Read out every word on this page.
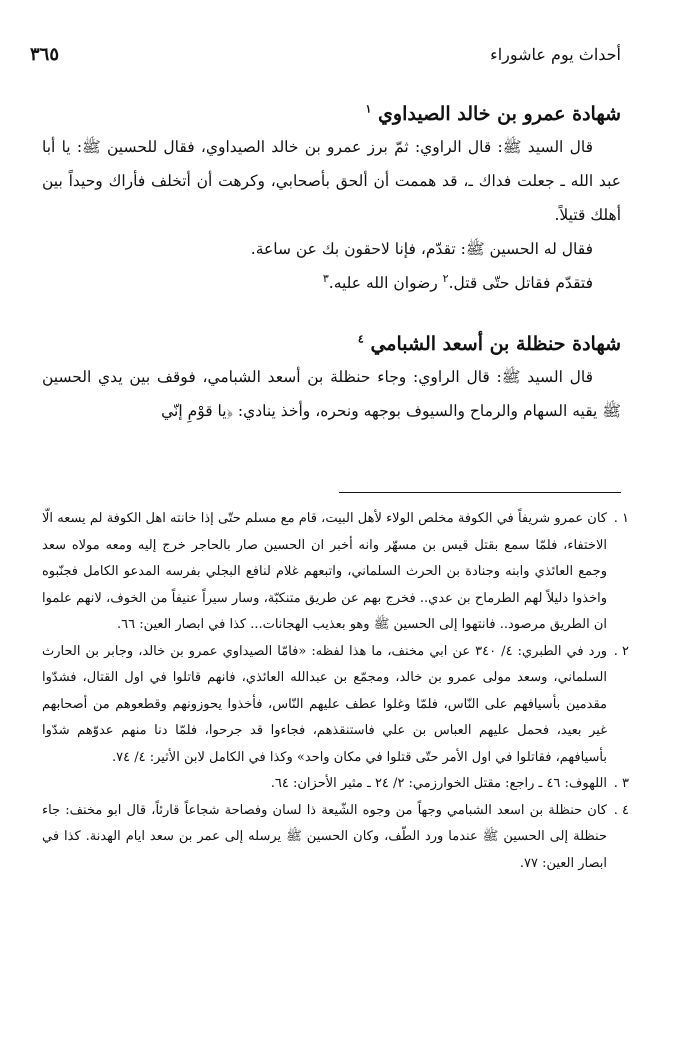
أحداث يوم عاشوراء
٣٦٥
شهادة عمرو بن خالد الصيداوي $^١$

قال السيد ﷺ: قال الراوي: ثمّ برز عمرو بن خالد الصيداوي، فقال للحسين ﷺ: يا أبا عبد الله ـ جعلت فداك ـ، قد هممت أن ألحق بأصحابي، وكرهت أن أتخلف فأراك وحيداً بين أهلك قتيلاً.

فقال له الحسين ﷺ: تقدّم، فإنا لاحقون بك عن ساعة.

فتقدّم فقاتل حتّى قتل.$^٢$ رضوان الله عليه.$^٣$

شهادة حنظلة بن أسعد الشبامي $^٤$

قال السيد ﷺ: قال الراوي: وجاء حنظلة بن أسعد الشبامي، فوقف بين يدي الحسين ﷺ يقيه السهام والرماح والسيوف بوجهه ونحره، وأخذ ينادي: ﴿يا قوْمِ إنّي

١ .

كان عمرو شريفاً في الكوفة مخلص الولاء لأهل البيت، قام مع مسلم حتّى إذا خانته اهل الكوفة لم يسعه الّا الاختفاء، فلمّا سمع بقتل قيس بن مسهّر وانه أخبر ان الحسين صار بالحاجر خرج إليه ومعه مولاه سعد وجمع العائذي وابنه وجنادة بن الحرث السلماني، واتبعهم غلام لنافع البجلي بفرسه المدعو الكامل فجنّبوه واخذوا دليلاً لهم الطرماح بن عدي.. فخرج بهم عن طريق متنكبّة، وسار سيراً عنيفاً من الخوف، لانهم علموا ان الطريق مرصود.. فانتهوا إلى الحسين ﷺ وهو بعذيب الهجانات... كذا في ابصار العين: ٦٦.

٢ .

ورد في الطبري: ٤/ ٣٤٠ عن ابي مخنف، ما هذا لفظه: «فامّا الصيداوي عمرو بن خالد، وجابر بن الحارث السلماني، وسعد مولى عمرو بن خالد، ومجمّع بن عبدالله العائذي، فانهم قاتلوا في اول القتال، فشدّوا مقدمين بأسيافهم على النّاس، فلمّا وغلوا عطف عليهم النّاس، فأخذوا يحوزونهم وقطعوهم من أصحابهم غير بعيد، فحمل عليهم العباس بن علي فاستنقذهم، فجاءوا قد جرحوا، فلمّا دنا منهم عدوّهم شدّوا بأسيافهم، فقاتلوا في اول الأمر حتّى قتلوا في مكان واحد» وكذا في الكامل لابن الأثير: ٤/ ٧٤.

٣ .

اللهوف: ٤٦ ـ راجع: مقتل الخوارزمي: ٢/ ٢٤ ـ مثير الأحزان: ٦٤.

٤ .

كان حنظلة بن اسعد الشبامي وجهاً من وجوه الشّيعة ذا لسان وفصاحة شجاعاً قارئاً، قال ابو مخنف: جاء حنظلة إلى الحسين ﷺ عندما ورد الطّف، وكان الحسين ﷺ يرسله إلى عمر بن سعد ايام الهدنة. كذا في ابصار العين: ٧٧.
